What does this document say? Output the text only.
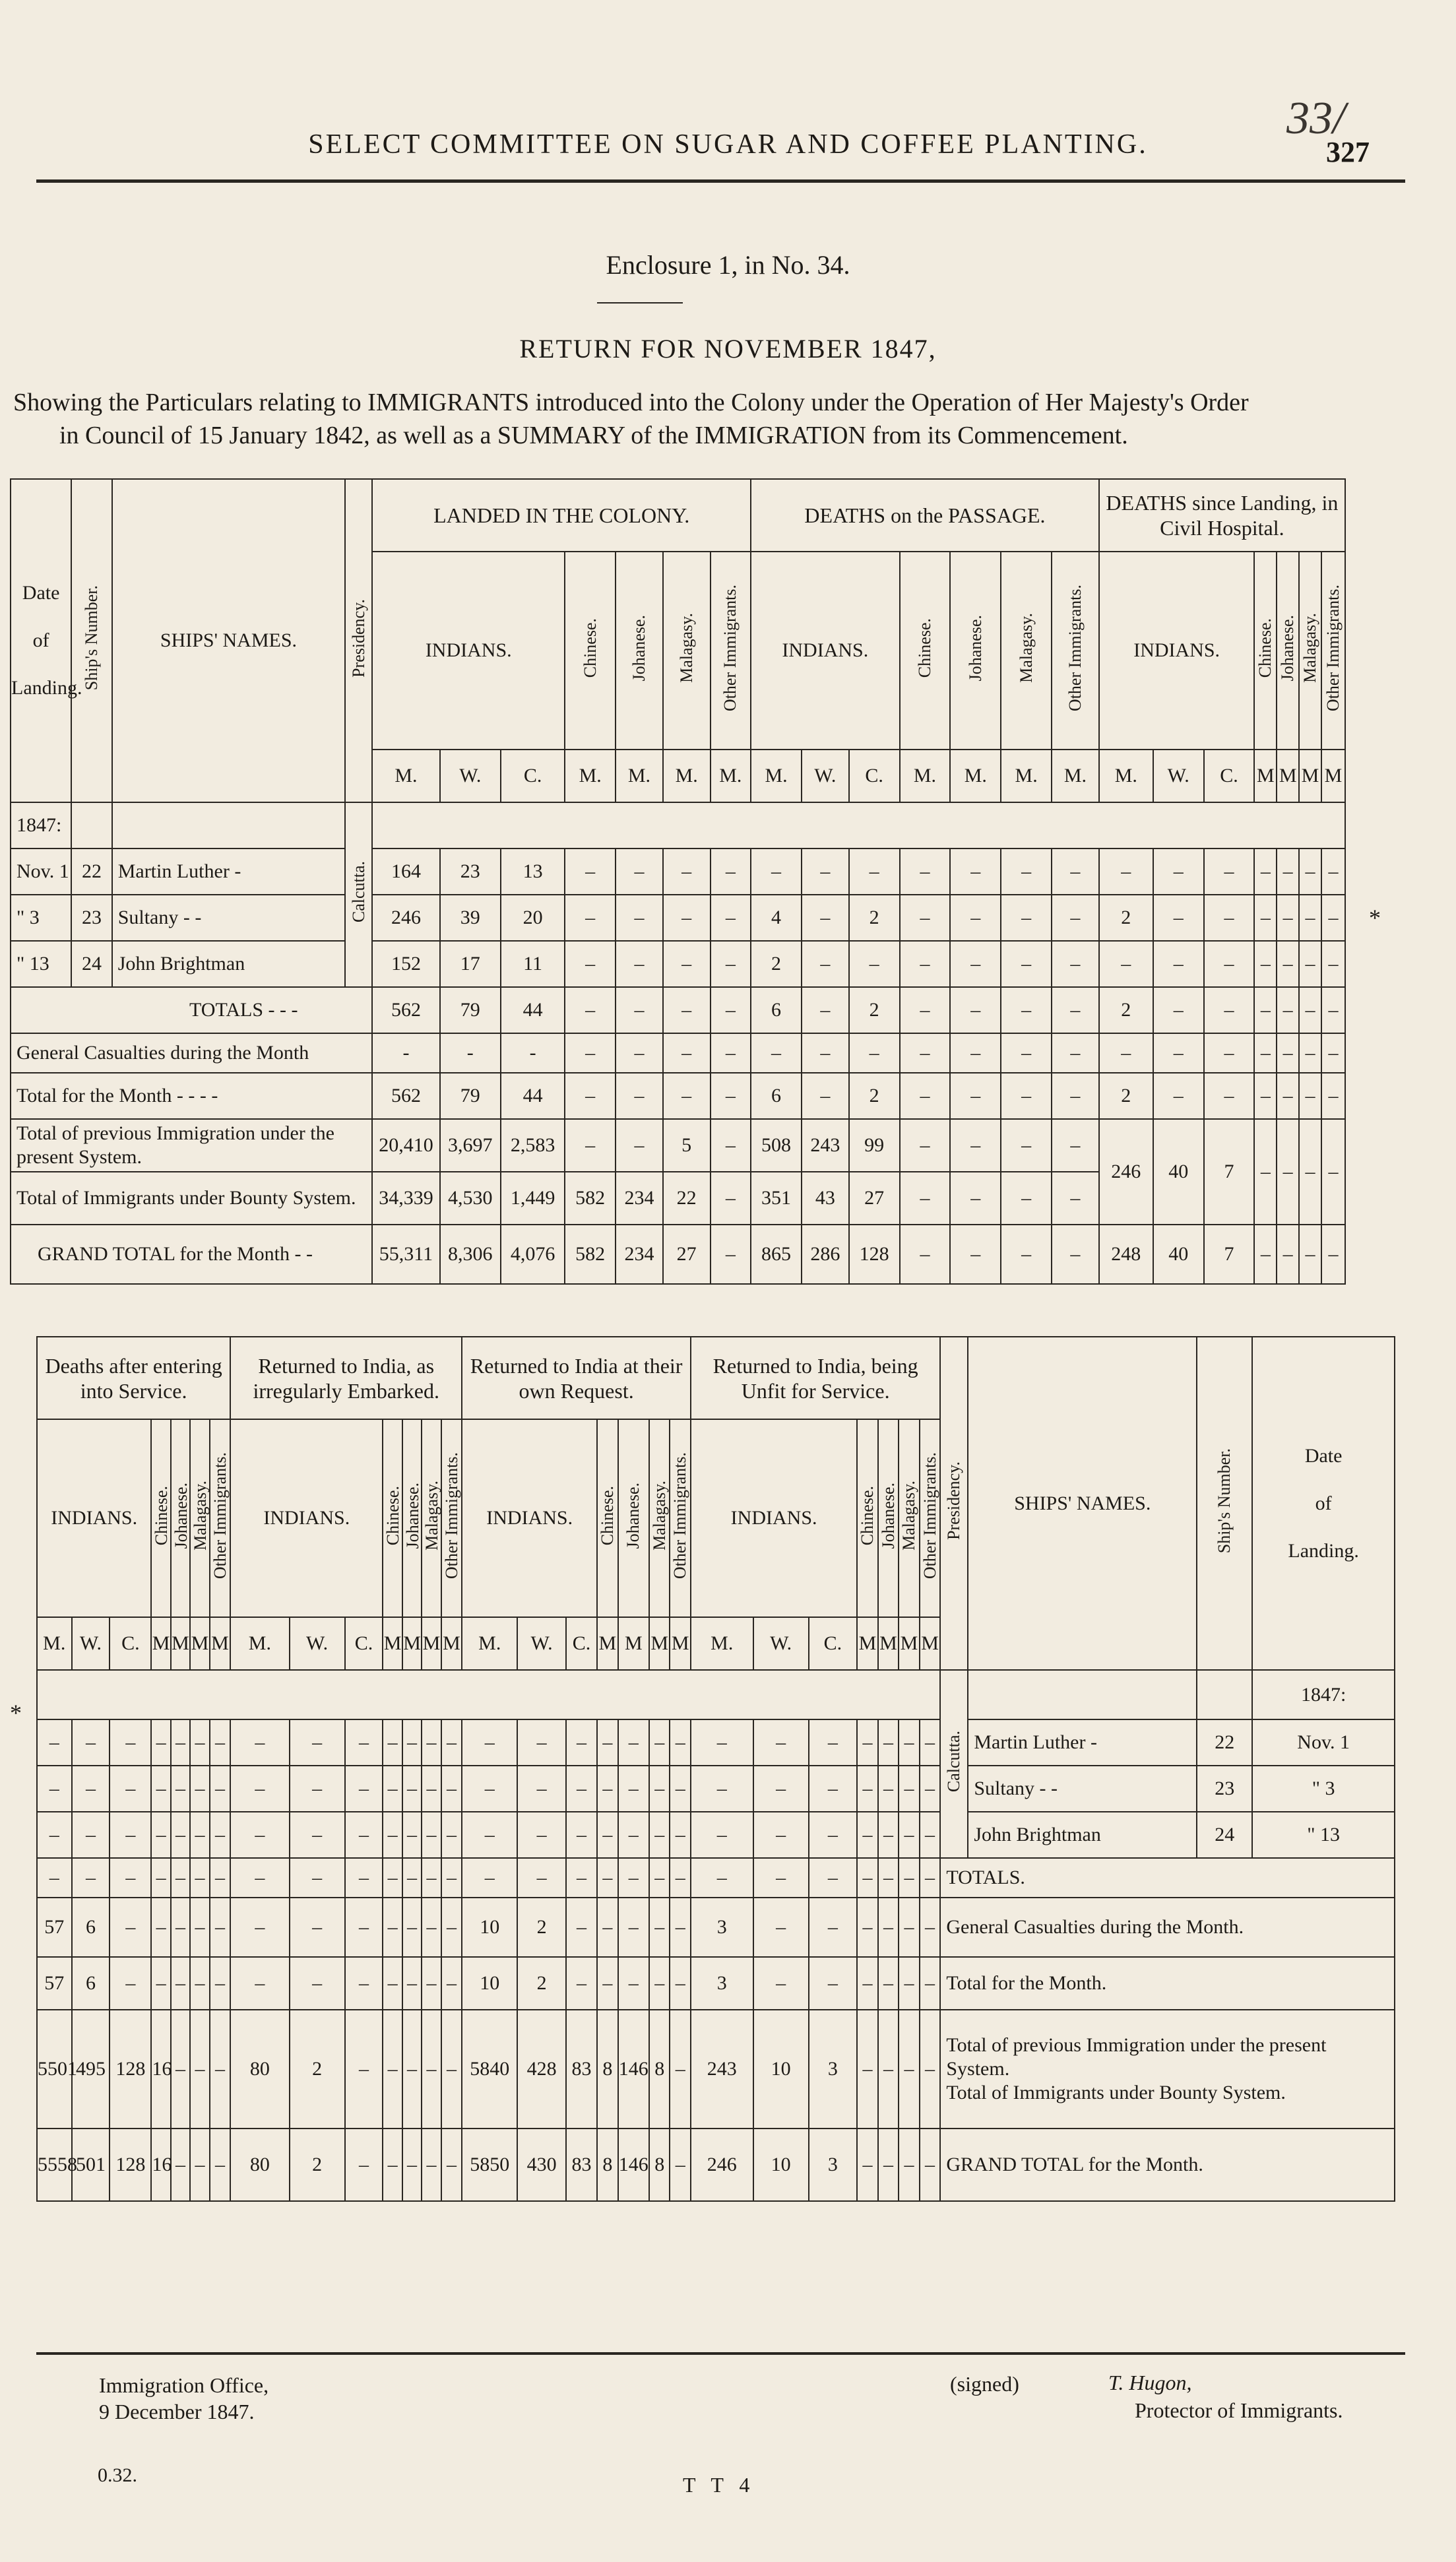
33/
SELECT COMMITTEE ON SUGAR AND COFFEE PLANTING.	327
Enclosure 1, in No. 34.
RETURN FOR NOVEMBER 1847,
Showing the Particulars relating to IMMIGRANTS introduced into the Colony under the Operation of Her Majesty's Order
in Council of 15 January 1842, as well as a SUMMARY of the IMMIGRATION from its Commencement.
Date

of

Landing.	Ship's Number.	SHIPS' NAMES.	Presidency.	LANDED IN THE COLONY.							DEATHS on the PASSAGE.							DEATHS since Landing, in Civil Hospital.						
				INDIANS.			Chinese.	Johanese.	Malagasy.	Other Immigrants.	INDIANS.			Chinese.	Johanese.	Malagasy.	Other Immigrants.	INDIANS.			Chinese.	Johanese.	Malagasy.	Other Immigrants.
				M.	W.	C.	M.	M.	M.	M.	M.	W.	C.	M.	M.	M.	M.	M.	W.	C.	M	M	M	M
1847:			Calcutta.																					
Nov. 1	22	Martin Luther -		164	23	13	–	–	–	–	–	–	–	–	–	–	–	–	–	–	–	–	–	–
" 3	23	Sultany - -		246	39	20	–	–	–	–	4	–	2	–	–	–	–	2	–	–	–	–	–	–
" 13	24	John Brightman		152	17	11	–	–	–	–	2	–	–	–	–	–	–	–	–	–	–	–	–	–
TOTALS - - -				562	79	44	–	–	–	–	6	–	2	–	–	–	–	2	–	–	–	–	–	–
General Casualties during the Month				-	-	-	–	–	–	–	–	–	–	–	–	–	–	–	–	–	–	–	–	–
Total for the Month - - - -				562	79	44	–	–	–	–	6	–	2	–	–	–	–	2	–	–	–	–	–	–
Total of previous Immigration under the present System.				20,410	3,697	2,583	–	–	5	–	508	243	99	–	–	–	–	246	40	7	–	–	–	–
Total of Immigrants under Bounty System.				34,339	4,530	1,449	582	234	22	–	351	43	27	–	–	–	–							
GRAND TOTAL for the Month - -				55,311	8,306	4,076	582	234	27	–	865	286	128	–	–	–	–	248	40	7	–	–	–	–
*
*
Deaths after entering into Service.							Returned to India, as irregularly Embarked.							Returned to India at their own Request.							Returned to India, being Unfit for Service.							Presidency.	SHIPS' NAMES.	Ship's Number.	Date

of

Landing.
INDIANS.			Chinese.	Johanese.	Malagasy.	Other Immigrants.	INDIANS.			Chinese.	Johanese.	Malagasy.	Other Immigrants.	INDIANS.			Chinese.	Johanese.	Malagasy.	Other Immigrants.	INDIANS.			Chinese.	Johanese.	Malagasy.	Other Immigrants.				
M.	W.	C.	M	M	M	M	M.	W.	C.	M	M	M	M	M.	W.	C.	M	M	M	M	M.	W.	C.	M	M	M	M				
																												Calcutta.			1847:
–	–	–	–	–	–	–	–	–	–	–	–	–	–	–	–	–	–	–	–	–	–	–	–	–	–	–	–		Martin Luther -	22	Nov. 1
–	–	–	–	–	–	–	–	–	–	–	–	–	–	–	–	–	–	–	–	–	–	–	–	–	–	–	–		Sultany - -	23	" 3
–	–	–	–	–	–	–	–	–	–	–	–	–	–	–	–	–	–	–	–	–	–	–	–	–	–	–	–		John Brightman	24	" 13
–	–	–	–	–	–	–	–	–	–	–	–	–	–	–	–	–	–	–	–	–	–	–	–	–	–	–	–	TOTALS.			
57	6	–	–	–	–	–	–	–	–	–	–	–	–	10	2	–	–	–	–	–	3	–	–	–	–	–	–	General Casualties during the Month.			
57	6	–	–	–	–	–	–	–	–	–	–	–	–	10	2	–	–	–	–	–	3	–	–	–	–	–	–	Total for the Month.			
5501	495	128	16	–	–	–	80	2	–	–	–	–	–	5840	428	83	8	146	8	–	243	10	3	–	–	–	–	Total of previous Immigration under the present System.
Total of Immigrants under Bounty System.			

5558	501	128	16	–	–	–	80	2	–	–	–	–	–	5850	430	83	8	146	8	–	246	10	3	–	–	–	–	GRAND TOTAL for the Month.			
Immigration Office,
9 December 1847.
(signed)	T. Hugon,
Protector of Immigrants.
0.32.	T T 4
